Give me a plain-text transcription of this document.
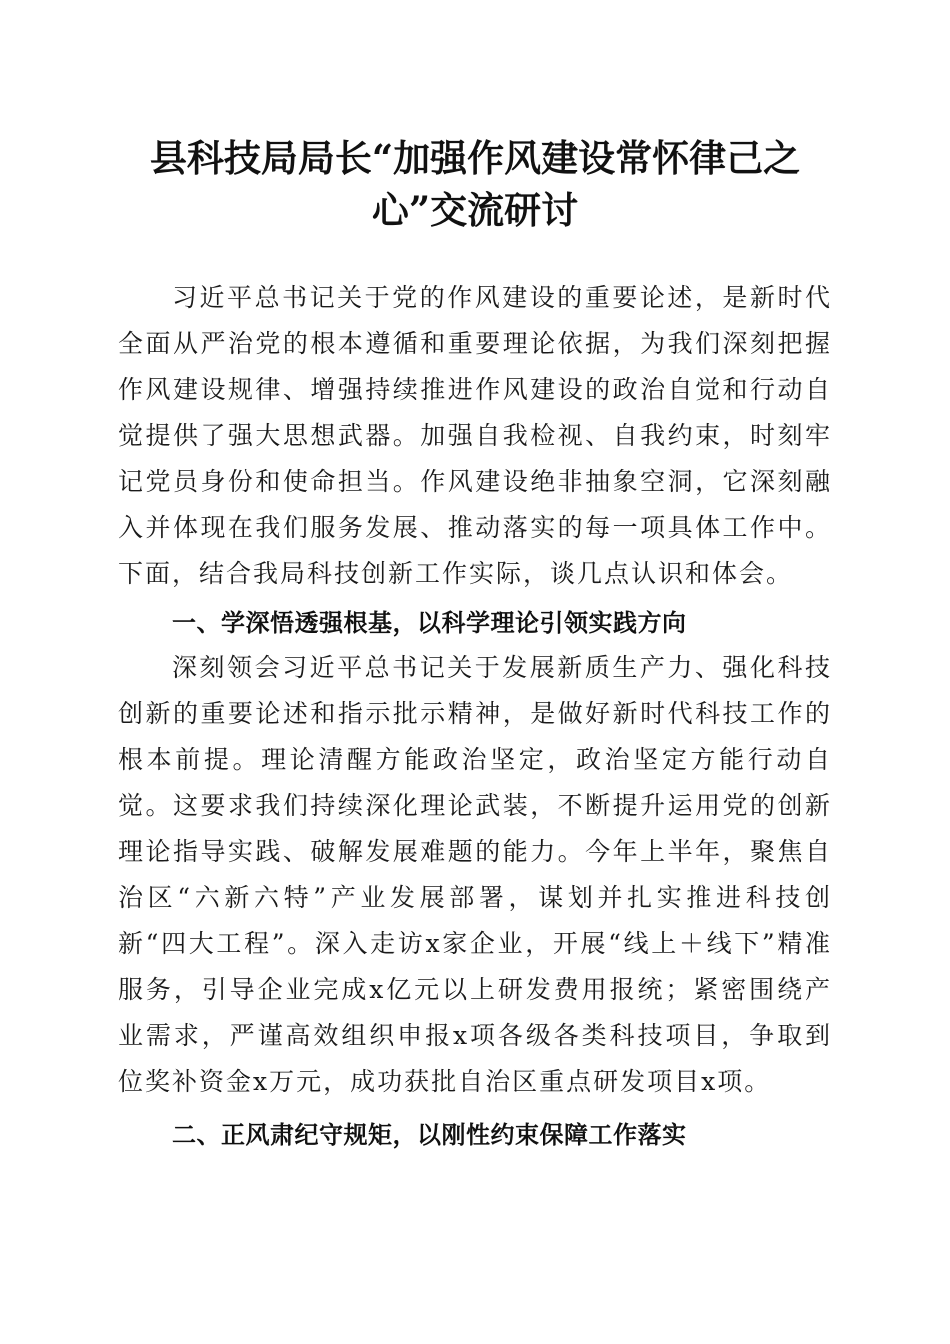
县科技局局长“加强作风建设常怀律己之
心”交流研讨

习近平总书记关于党的作风建设的重要论述，是新时代全面从严治党的根本遵循和重要理论依据，为我们深刻把握作风建设规律、增强持续推进作风建设的政治自觉和行动自觉提供了强大思想武器。加强自我检视、自我约束，时刻牢记党员身份和使命担当。作风建设绝非抽象空洞，它深刻融入并体现在我们服务发展、推动落实的每一项具体工作中。下面，结合我局科技创新工作实际，谈几点认识和体会。

一、学深悟透强根基，以科学理论引领实践方向

深刻领会习近平总书记关于发展新质生产力、强化科技创新的重要论述和指示批示精神，是做好新时代科技工作的根本前提。理论清醒方能政治坚定，政治坚定方能行动自觉。这要求我们持续深化理论武装，不断提升运用党的创新理论指导实践、破解发展难题的能力。今年上半年，聚焦自治区“六新六特”产业发展部署，谋划并扎实推进科技创新“四大工程”。深入走访x家企业，开展“线上＋线下”精准服务，引导企业完成x亿元以上研发费用报统；紧密围绕产业需求，严谨高效组织申报x项各级各类科技项目，争取到位奖补资金x万元，成功获批自治区重点研发项目x项。

二、正风肃纪守规矩，以刚性约束保障工作落实
